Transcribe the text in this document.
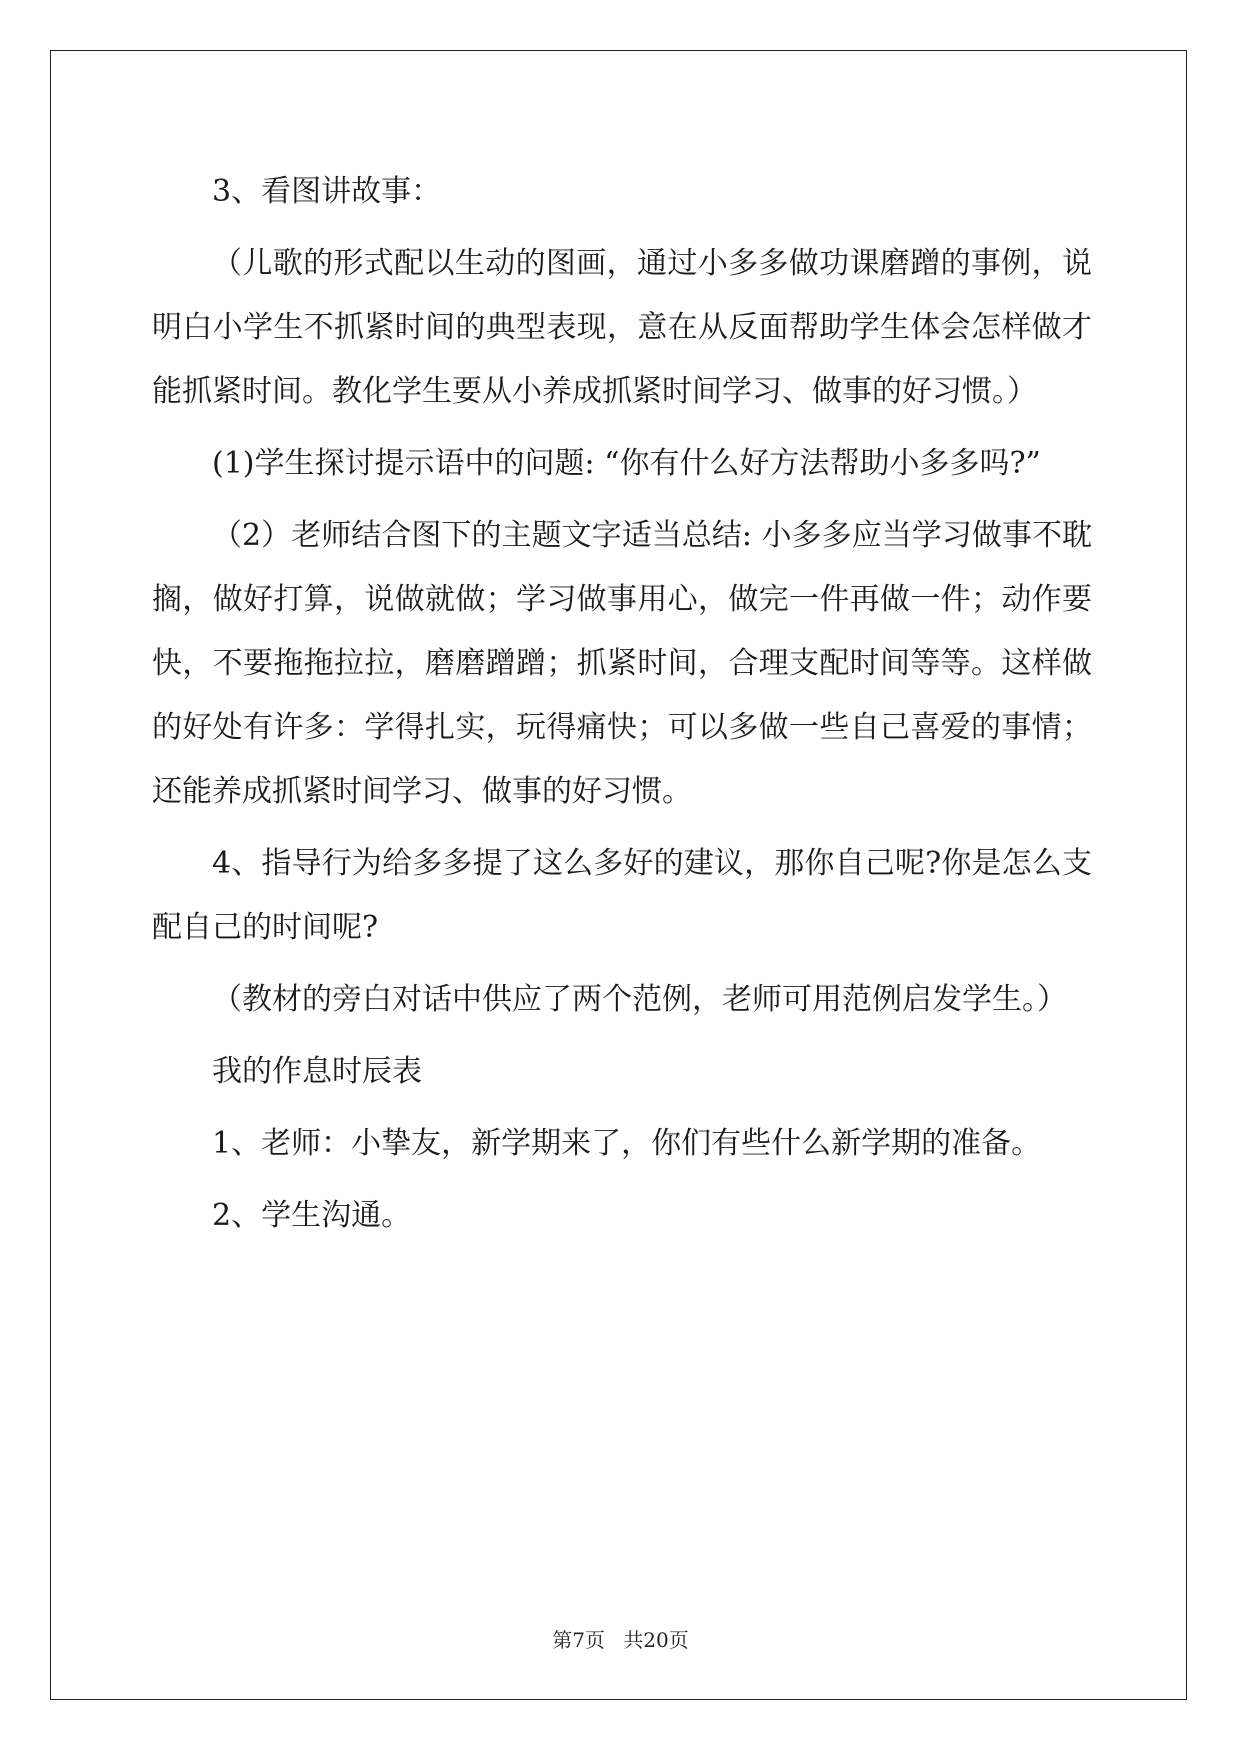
3、看图讲故事：

（儿歌的形式配以生动的图画，通过小多多做功课磨蹭的事例，说明白小学生不抓紧时间的典型表现，意在从反面帮助学生体会怎样做才能抓紧时间。教化学生要从小养成抓紧时间学习、做事的好习惯。）

(1)学生探讨提示语中的问题: “你有什么好方法帮助小多多吗?”

（2）老师结合图下的主题文字适当总结: 小多多应当学习做事不耽搁，做好打算，说做就做；学习做事用心，做完一件再做一件；动作要快，不要拖拖拉拉，磨磨蹭蹭；抓紧时间，合理支配时间等等。这样做的好处有许多：学得扎实，玩得痛快；可以多做一些自己喜爱的事情；还能养成抓紧时间学习、做事的好习惯。

4、指导行为给多多提了这么多好的建议，那你自己呢?你是怎么支配自己的时间呢?

（教材的旁白对话中供应了两个范例，老师可用范例启发学生。）

我的作息时辰表

1、老师：小挚友，新学期来了，你们有些什么新学期的准备。

2、学生沟通。

第7页 共20页
